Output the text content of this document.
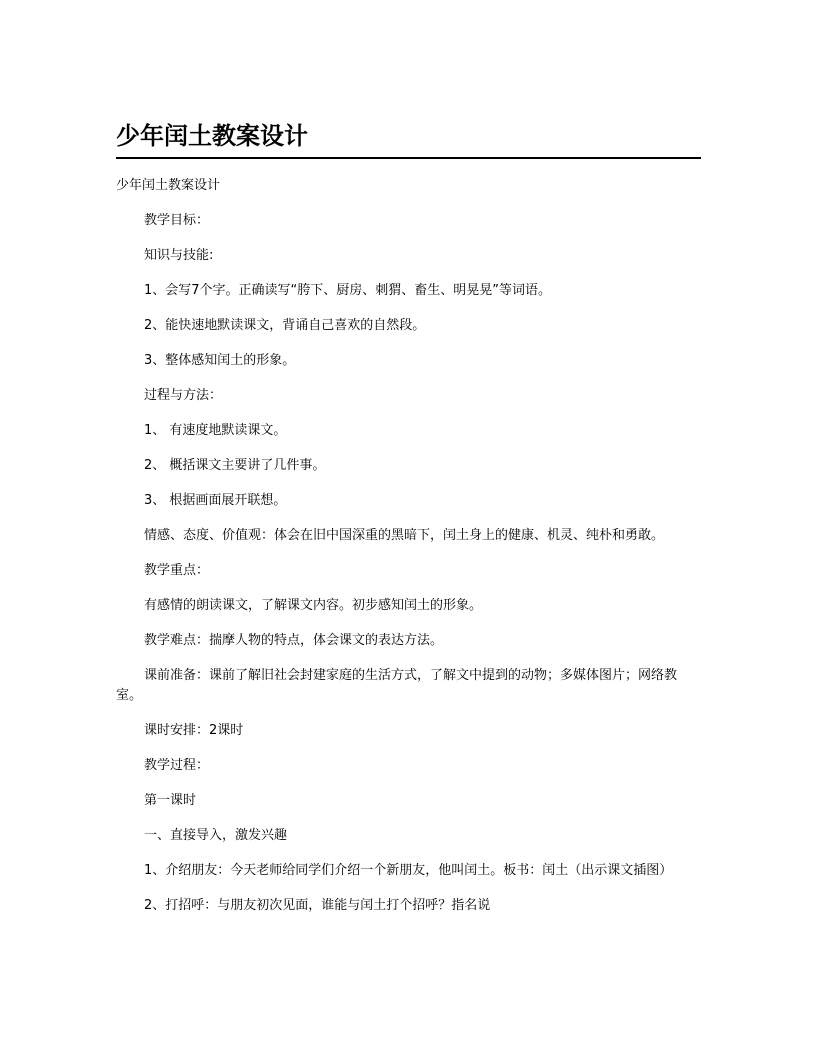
少年闰土教案设计

少年闰土教案设计

教学目标：

知识与技能:

1、会写7个字。正确读写“胯下、厨房、刺猬、畜生、明晃晃”等词语。

2、能快速地默读课文，背诵自己喜欢的自然段。

3、整体感知闰土的形象。

过程与方法：

1、 有速度地默读课文。

2、 概括课文主要讲了几件事。

3、 根据画面展开联想。

情感、态度、价值观：体会在旧中国深重的黑暗下，闰土身上的健康、机灵、纯朴和勇敢。

教学重点：

有感情的朗读课文，了解课文内容。初步感知闰土的形象。

教学难点：揣摩人物的特点，体会课文的表达方法。

课前准备：课前了解旧社会封建家庭的生活方式，了解文中提到的动物；多媒体图片；网络教室。

课时安排：2课时

教学过程：

第一课时

一、直接导入，激发兴趣

1、介绍朋友：今天老师给同学们介绍一个新朋友，他叫闰土。板书：闰土（出示课文插图）

2、打招呼：与朋友初次见面，谁能与闰土打个招呼？指名说
